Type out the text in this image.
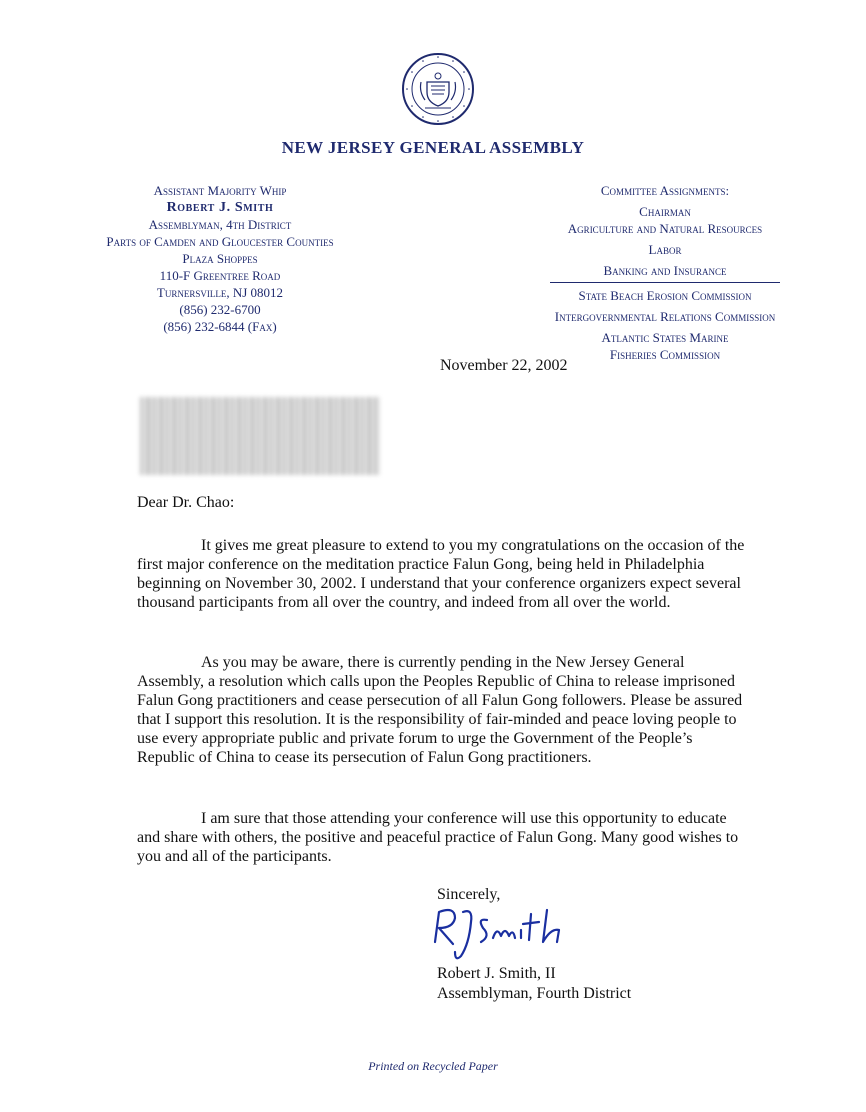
NEW JERSEY GENERAL ASSEMBLY
Assistant Majority Whip
Robert J. Smith
Assemblyman, 4th District
Parts of Camden and Gloucester Counties
Plaza Shoppes
110-F Greentree Road
Turnersville, NJ 08012
(856) 232-6700
(856) 232-6844 (Fax)
Committee Assignments:
Chairman
Agriculture and Natural Resources
Labor
Banking and Insurance
State Beach Erosion Commission
Intergovernmental Relations Commission
Atlantic States Marine
Fisheries Commission
November 22, 2002
Dear Dr. Chao:

It gives me great pleasure to extend to you my congratulations on the occasion of the first major conference on the meditation practice Falun Gong, being held in Philadelphia beginning on November 30, 2002. I understand that your conference organizers expect several thousand participants from all over the country, and indeed from all over the world.

As you may be aware, there is currently pending in the New Jersey General Assembly, a resolution which calls upon the Peoples Republic of China to release imprisoned Falun Gong practitioners and cease persecution of all Falun Gong followers. Please be assured that I support this resolution. It is the responsibility of fair-minded and peace loving people to use every appropriate public and private forum to urge the Government of the People’s Republic of China to cease its persecution of Falun Gong practitioners.

I am sure that those attending your conference will use this opportunity to educate and share with others, the positive and peaceful practice of Falun Gong. Many good wishes to you and all of the participants.

Sincerely,
Robert J. Smith, II
Assemblyman, Fourth District
Printed on Recycled Paper
